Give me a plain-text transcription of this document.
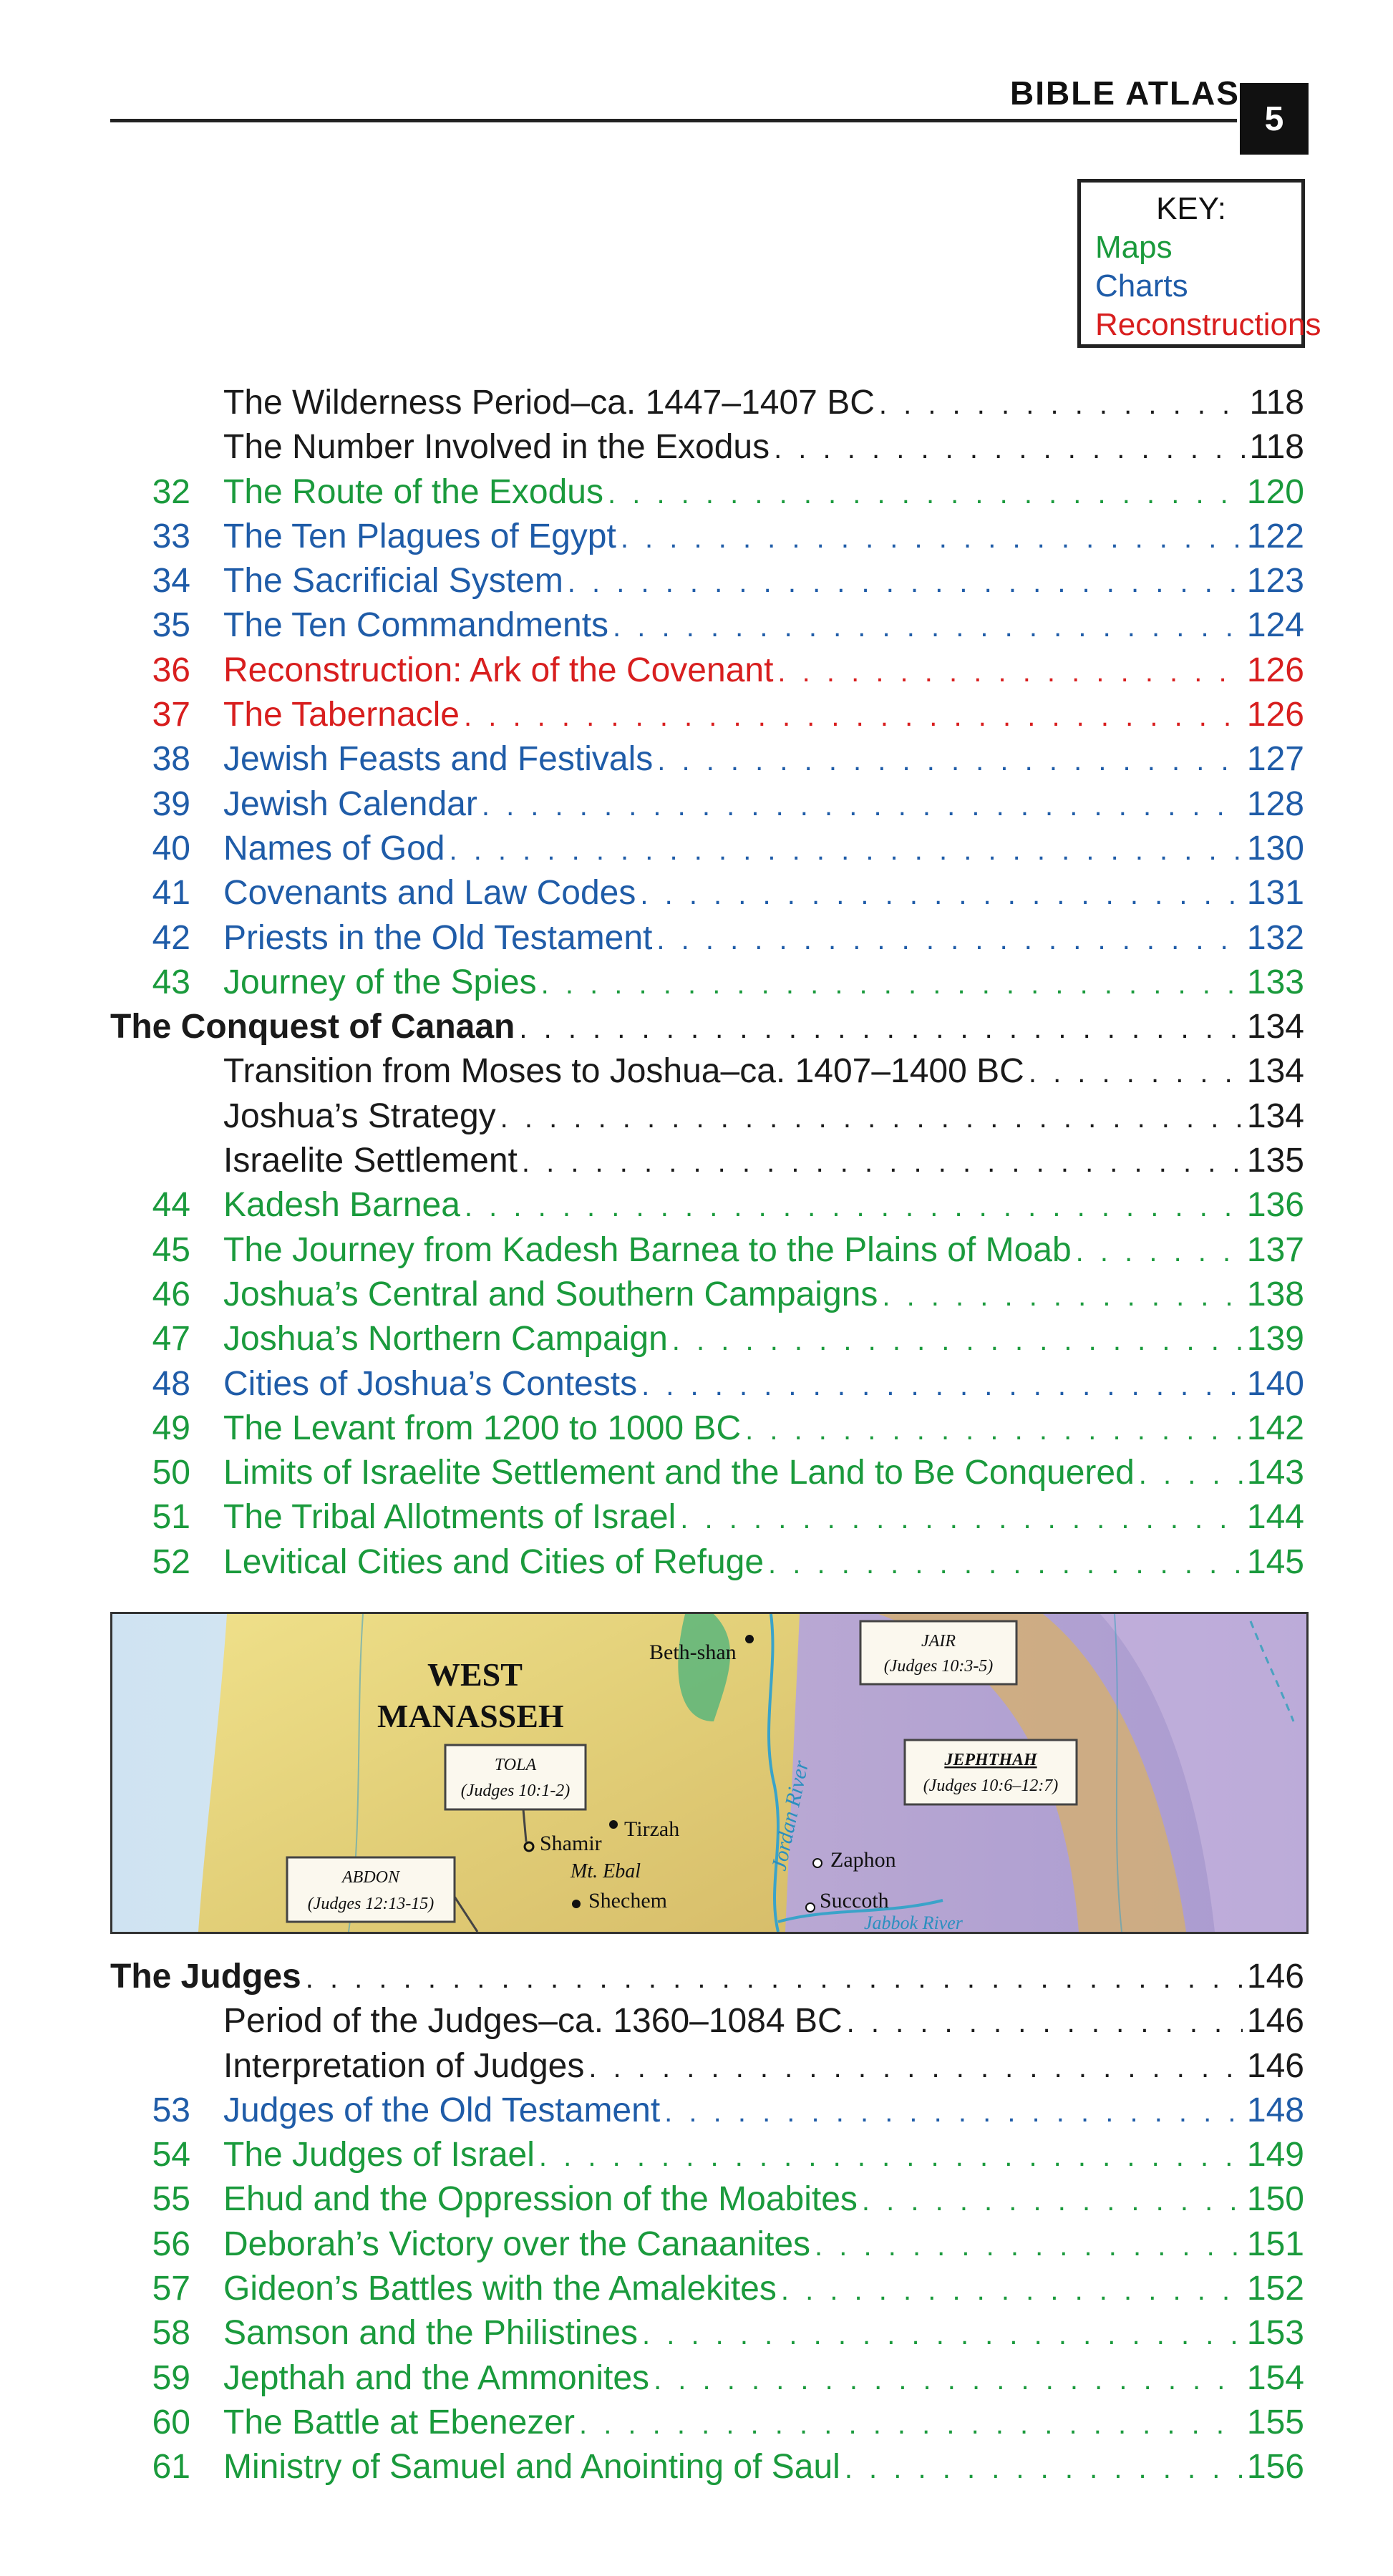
BIBLE ATLAS
5
KEY:
Maps
Charts
Reconstructions
The Wilderness Period–ca. 1447–1407 BC . . .	118
The Number Involved in the Exodus . . .	118
32 The Route of the Exodus . . .	120
33 The Ten Plagues of Egypt . . .	122
34 The Sacrificial System . . .	123
35 The Ten Commandments . . .	124
36 Reconstruction: Ark of the Covenant . . .	126
37 The Tabernacle . . .	126
38 Jewish Feasts and Festivals . . .	127
39 Jewish Calendar . . .	128
40 Names of God . . .	130
41 Covenants and Law Codes . . .	131
42 Priests in the Old Testament . . .	132
43 Journey of the Spies . . .	133
The Conquest of Canaan . . .	134
Transition from Moses to Joshua–ca. 1407–1400 BC . . .	134
Joshua’s Strategy . . .	134
Israelite Settlement . . .	135
44 Kadesh Barnea . . .	136
45 The Journey from Kadesh Barnea to the Plains of Moab . . .	137
46 Joshua’s Central and Southern Campaigns . . .	138
47 Joshua’s Northern Campaign . . .	139
48 Cities of Joshua’s Contests . . .	140
49 The Levant from 1200 to 1000 BC . . .	142
50 Limits of Israelite Settlement and the Land to Be Conquered . . .	143
51 The Tribal Allotments of Israel . . .	144
52 Levitical Cities and Cities of Refuge . . .	145
WEST
MANASSEH
Beth-shan
Shamir
Tirzah
Mt. Ebal
Shechem
Zaphon
Succoth
Jordan River
Jabbok River
JAIR
(Judges 10:3-5)
TOLA
(Judges 10:1-2)
JEPHTHAH
(Judges 10:6–12:7)
ABDON
(Judges 12:13-15)
The Judges . . .	146
Period of the Judges–ca. 1360–1084 BC . . .	146
Interpretation of Judges . . .	146
53 Judges of the Old Testament . . .	148
54 The Judges of Israel . . .	149
55 Ehud and the Oppression of the Moabites . . .	150
56 Deborah’s Victory over the Canaanites . . .	151
57 Gideon’s Battles with the Amalekites . . .	152
58 Samson and the Philistines . . .	153
59 Jepthah and the Ammonites . . .	154
60 The Battle at Ebenezer . . .	155
61 Ministry of Samuel and Anointing of Saul . . .	156
